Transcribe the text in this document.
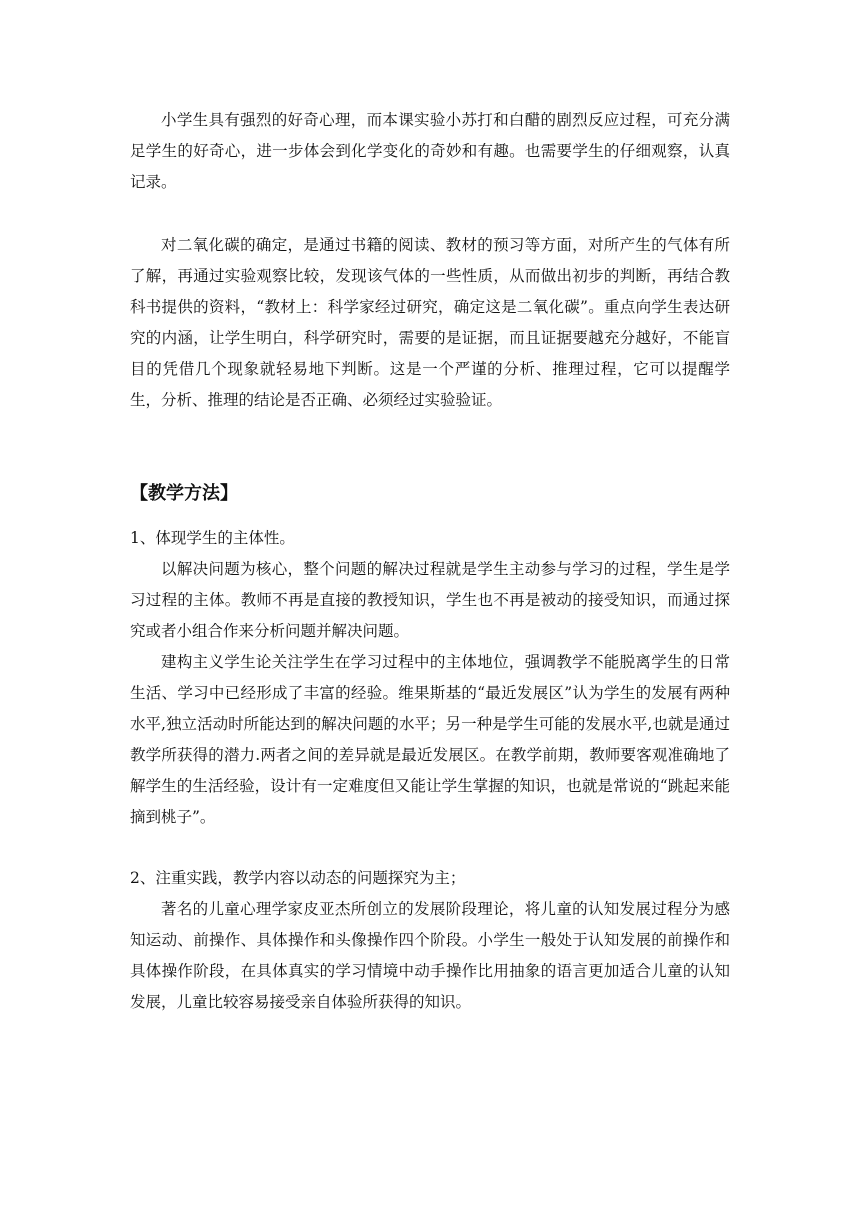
小学生具有强烈的好奇心理，而本课实验小苏打和白醋的剧烈反应过程，可充分满足学生的好奇心，进一步体会到化学变化的奇妙和有趣。也需要学生的仔细观察，认真记录。

对二氧化碳的确定，是通过书籍的阅读、教材的预习等方面，对所产生的气体有所了解，再通过实验观察比较，发现该气体的一些性质，从而做出初步的判断，再结合教科书提供的资料，“教材上：科学家经过研究，确定这是二氧化碳”。重点向学生表达研究的内涵，让学生明白，科学研究时，需要的是证据，而且证据要越充分越好，不能盲目的凭借几个现象就轻易地下判断。这是一个严谨的分析、推理过程，它可以提醒学生，分析、推理的结论是否正确、必须经过实验验证。

【教学方法】

1、体现学生的主体性。

以解决问题为核心，整个问题的解决过程就是学生主动参与学习的过程，学生是学习过程的主体。教师不再是直接的教授知识，学生也不再是被动的接受知识，而通过探究或者小组合作来分析问题并解决问题。

建构主义学生论关注学生在学习过程中的主体地位，强调教学不能脱离学生的日常生活、学习中已经形成了丰富的经验。维果斯基的“最近发展区”认为学生的发展有两种水平,独立活动时所能达到的解决问题的水平；另一种是学生可能的发展水平,也就是通过教学所获得的潜力.两者之间的差异就是最近发展区。在教学前期，教师要客观准确地了解学生的生活经验，设计有一定难度但又能让学生掌握的知识，也就是常说的“跳起来能摘到桃子”。

2、注重实践，教学内容以动态的问题探究为主；

著名的儿童心理学家皮亚杰所创立的发展阶段理论，将儿童的认知发展过程分为感知运动、前操作、具体操作和头像操作四个阶段。小学生一般处于认知发展的前操作和具体操作阶段，在具体真实的学习情境中动手操作比用抽象的语言更加适合儿童的认知发展，儿童比较容易接受亲自体验所获得的知识。
